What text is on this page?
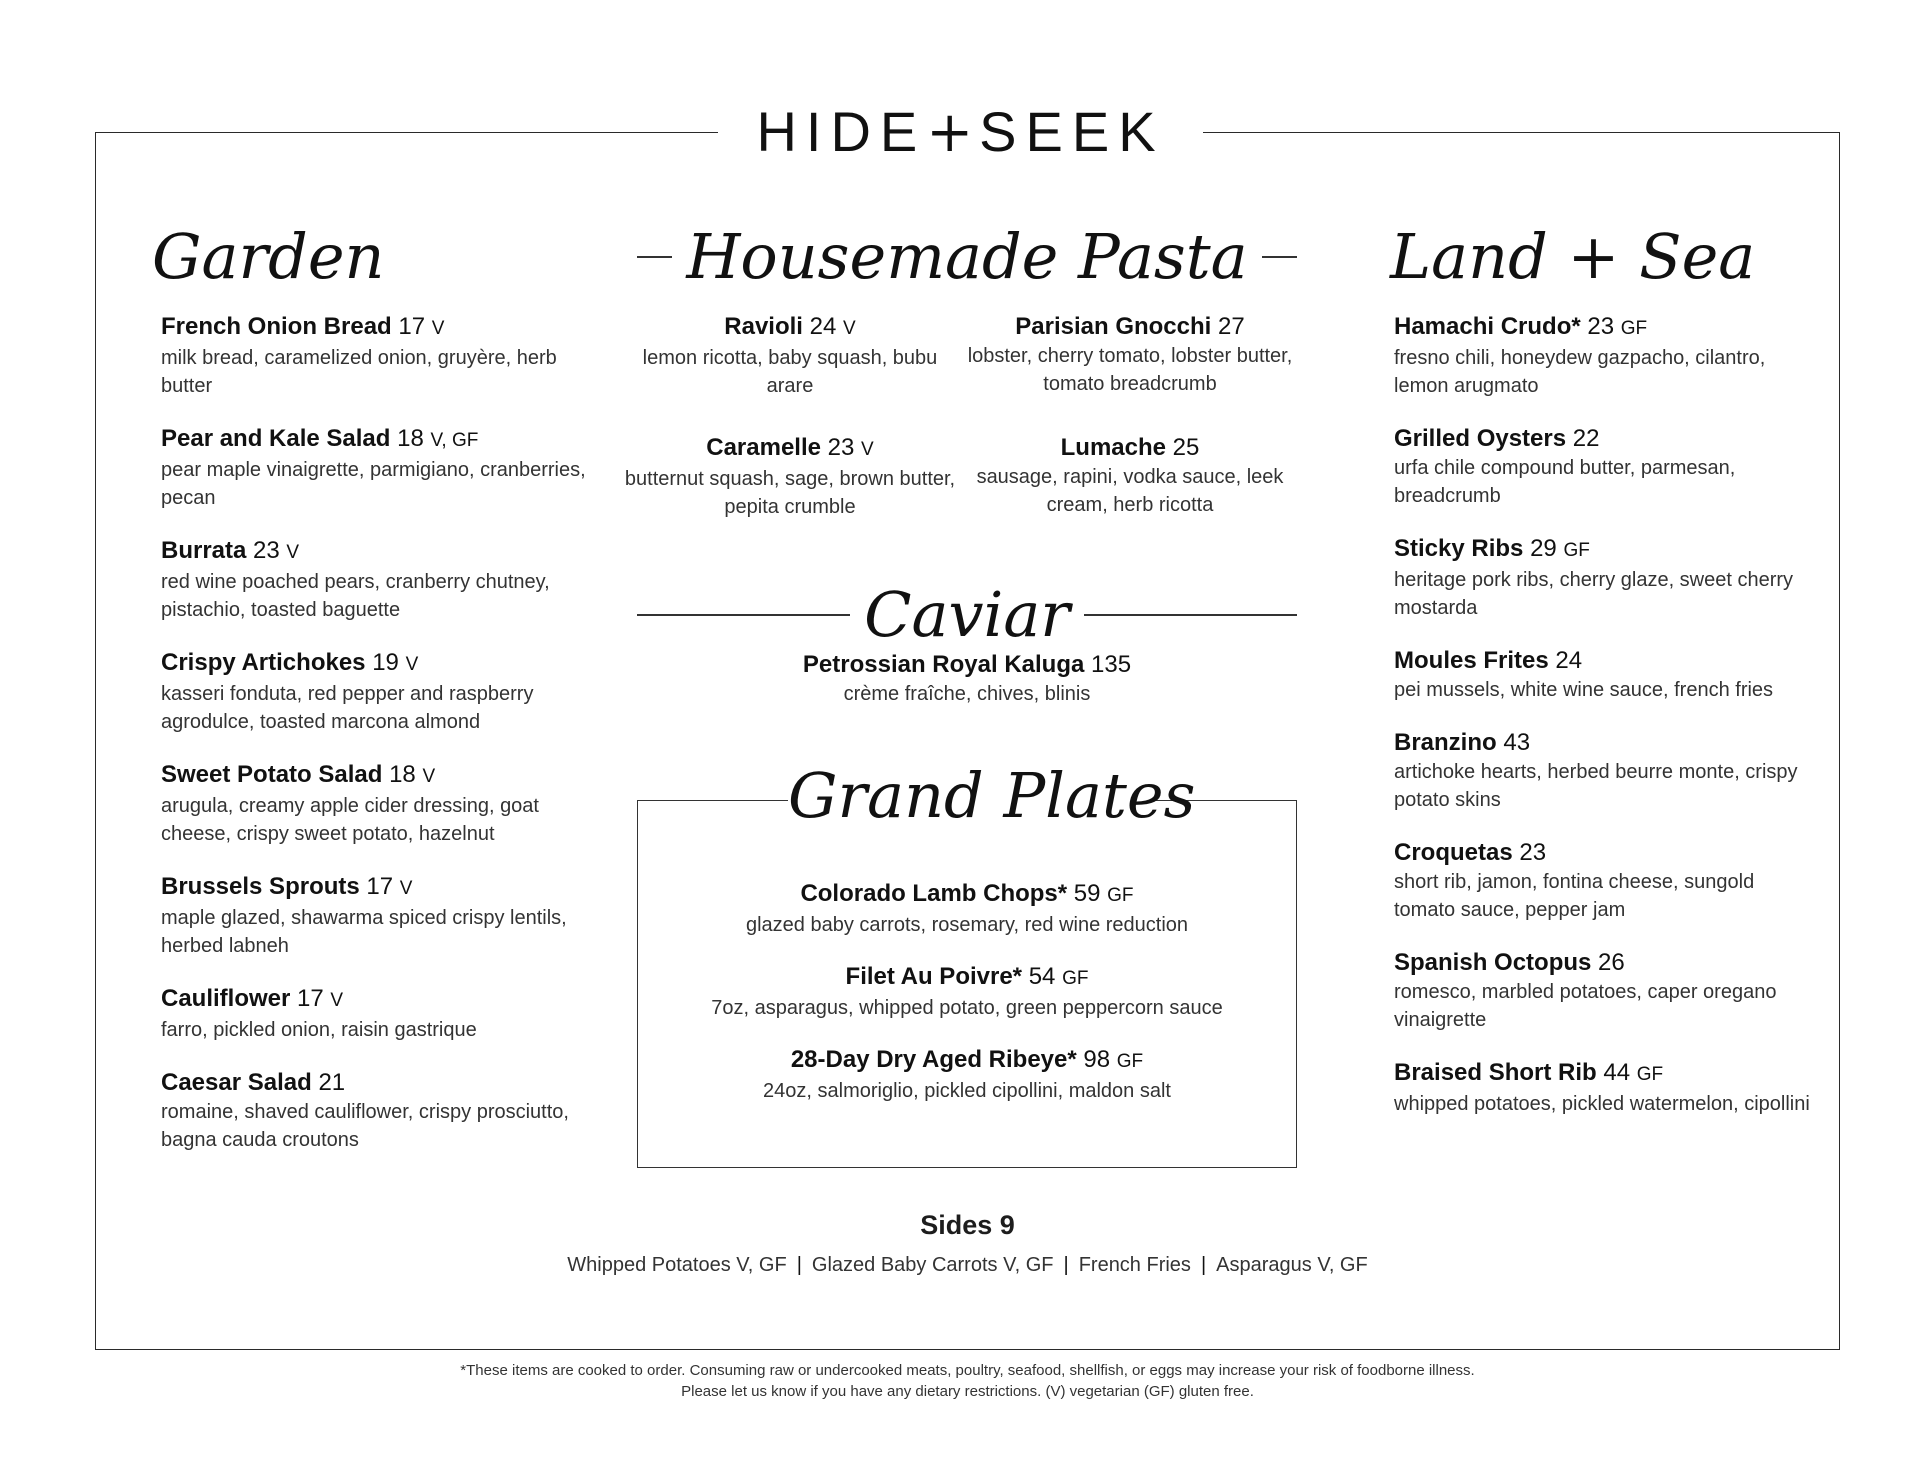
HIDE+SEEK
Garden	Housemade Pasta Land + Sea
French Onion Bread 17 V
milk bread, caramelized onion, gruyère, herb butter
Pear and Kale Salad 18 V, GF
pear maple vinaigrette, parmigiano, cranberries, pecan
Burrata 23 V
red wine poached pears, cranberry chutney, pistachio, toasted baguette
Crispy Artichokes 19 V
kasseri fonduta, red pepper and raspberry agrodulce, toasted marcona almond
Sweet Potato Salad 18 V
arugula, creamy apple cider dressing, goat cheese, crispy sweet potato, hazelnut
Brussels Sprouts 17 V
maple glazed, shawarma spiced crispy lentils, herbed labneh
Cauliflower 17 V
farro, pickled onion, raisin gastrique
Caesar Salad 21
romaine, shaved cauliflower, crispy prosciutto, bagna cauda croutons
Ravioli 24 V
lemon ricotta, baby squash, bubu arare
Parisian Gnocchi 27
lobster, cherry tomato, lobster butter, tomato breadcrumb
Caramelle 23 V
butternut squash, sage, brown butter, pepita crumble
Lumache 25
sausage, rapini, vodka sauce, leek cream, herb ricotta
Hamachi Crudo* 23 GF
fresno chili, honeydew gazpacho, cilantro, lemon arugmato
Grilled Oysters 22
urfa chile compound butter, parmesan, breadcrumb
Sticky Ribs 29 GF
heritage pork ribs, cherry glaze, sweet cherry mostarda
Moules Frites 24
pei mussels, white wine sauce, french fries
Branzino 43
artichoke hearts, herbed beurre monte, crispy potato skins
Croquetas 23
short rib, jamon, fontina cheese, sungold tomato sauce, pepper jam
Spanish Octopus 26
romesco, marbled potatoes, caper oregano vinaigrette
Braised Short Rib 44 GF
whipped potatoes, pickled watermelon, cipollini
Caviar
Petrossian Royal Kaluga 135
crème fraîche, chives, blinis
Grand Plates
Colorado Lamb Chops* 59 GF
glazed baby carrots, rosemary, red wine reduction
Filet Au Poivre* 54 GF
7oz, asparagus, whipped potato, green peppercorn sauce
28-Day Dry Aged Ribeye* 98 GF
24oz, salmoriglio, pickled cipollini, maldon salt
Sides 9
Whipped Potatoes V, GF | Glazed Baby Carrots V, GF | French Fries | Asparagus V, GF
*These items are cooked to order. Consuming raw or undercooked meats, poultry, seafood, shellfish, or eggs may increase your risk of foodborne illness.
Please let us know if you have any dietary restrictions. (V) vegetarian (GF) gluten free.
